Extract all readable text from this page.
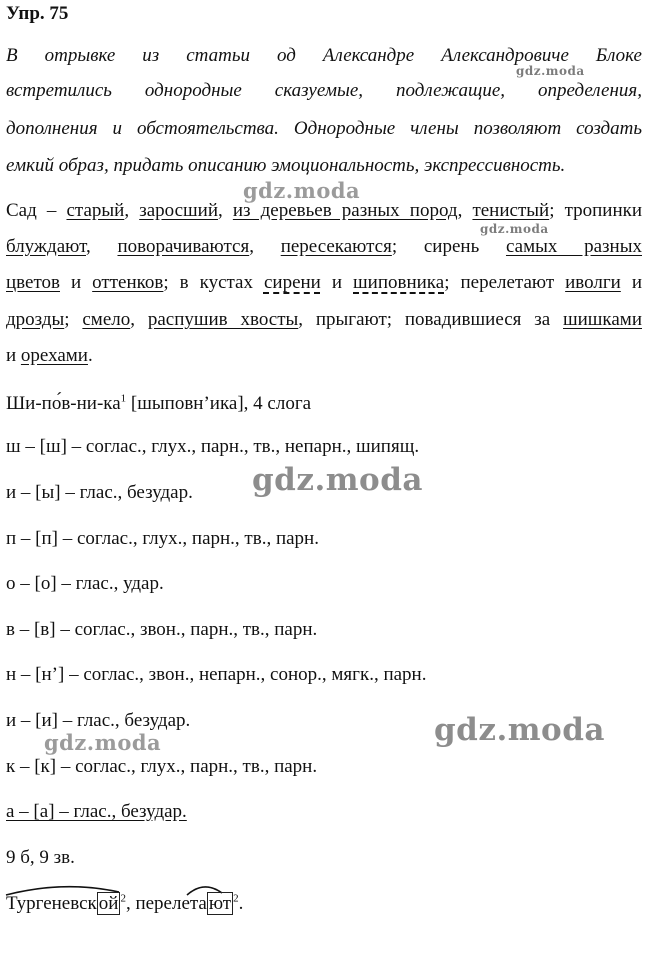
Упр. 75
В отрывке из статьи од Александре Александровиче Блоке
встретились однородные сказуемые, подлежащие, определения,
дополнения и обстоятельства. Однородные члены позволяют создать
емкий образ, придать описанию эмоциональность, экспрессивность.
Сад – старый, заросший, из деревьев разных пород, тенистый; тропинки
блуждают, поворачиваются, пересекаются; сирень самых разных
цветов и оттенков; в кустах сирени и шиповника; перелетают иволги и
дрозды; смело, распушив хвосты, прыгают; повадившиеся за шишками
и орехами.
$Ши-по́в-ни-ка^1$ [шыповн’ика], 4 слога
ш – [ш] – соглас., глух., парн., тв., непарн., шипящ.
и – [ы] – глас., безудар.
п – [п] – соглас., глух., парн., тв., парн.
о – [о] – глас., удар.
в – [в] – соглас., звон., парн., тв., парн.
н – [н’] – соглас., звон., непарн., сонор., мягк., парн.
и – [и] – глас., безудар.
к – [к] – соглас., глух., парн., тв., парн.
а – [а] – глас., безудар.
9 б, 9 зв.
Тургеневск ой $^2$, перелета ют $^2$.
gdz.moda
gdz.moda
gdz.moda
gdz.moda
gdz.moda
gdz.moda
